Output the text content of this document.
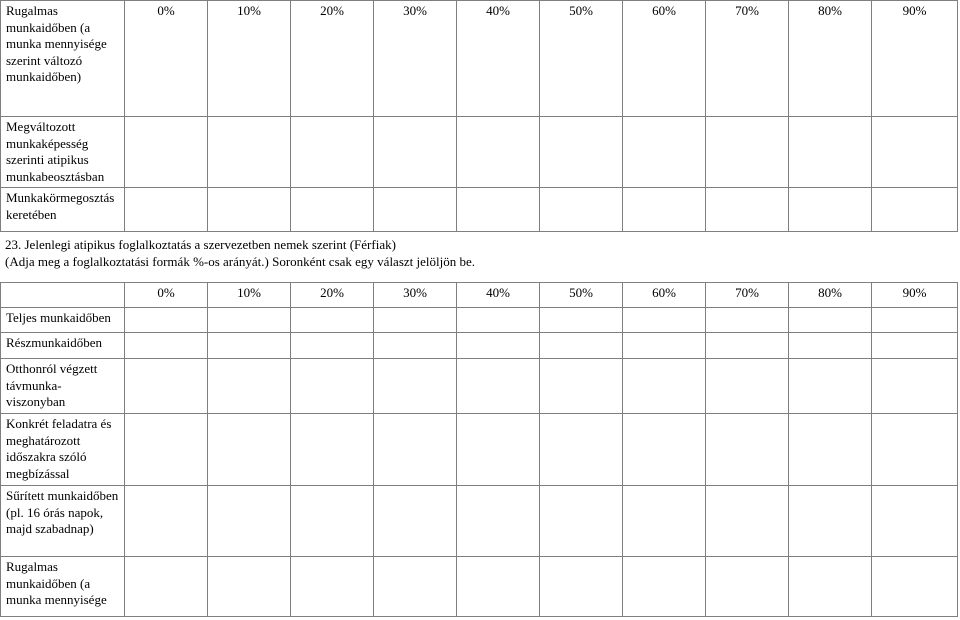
Rugalmas munkaidőben (a munka mennyisége szerint változó munkaidőben)	0%	10%	20%	30%	40%	50%	60%	70%	80%	90%
Megváltozott munkaképesség szerinti atipikus munkabeosztásban										
Munkakörmegosztás keretében										
23. Jelenlegi atipikus foglalkoztatás a szervezetben nemek szerint (Férfiak)
(Adja meg a foglalkoztatási formák %-os arányát.) Soronként csak egy választ jelöljön be.
	0%	10%	20%	30%	40%	50%	60%	70%	80%	90%
Teljes munkaidőben										
Részmunkaidőben										
Otthonról végzett távmunka-viszonyban										
Konkrét feladatra és meghatározott időszakra szóló megbízással										
Sűrített munkaidőben (pl. 16 órás napok, majd szabadnap)										
Rugalmas munkaidőben (a munka mennyisége										
